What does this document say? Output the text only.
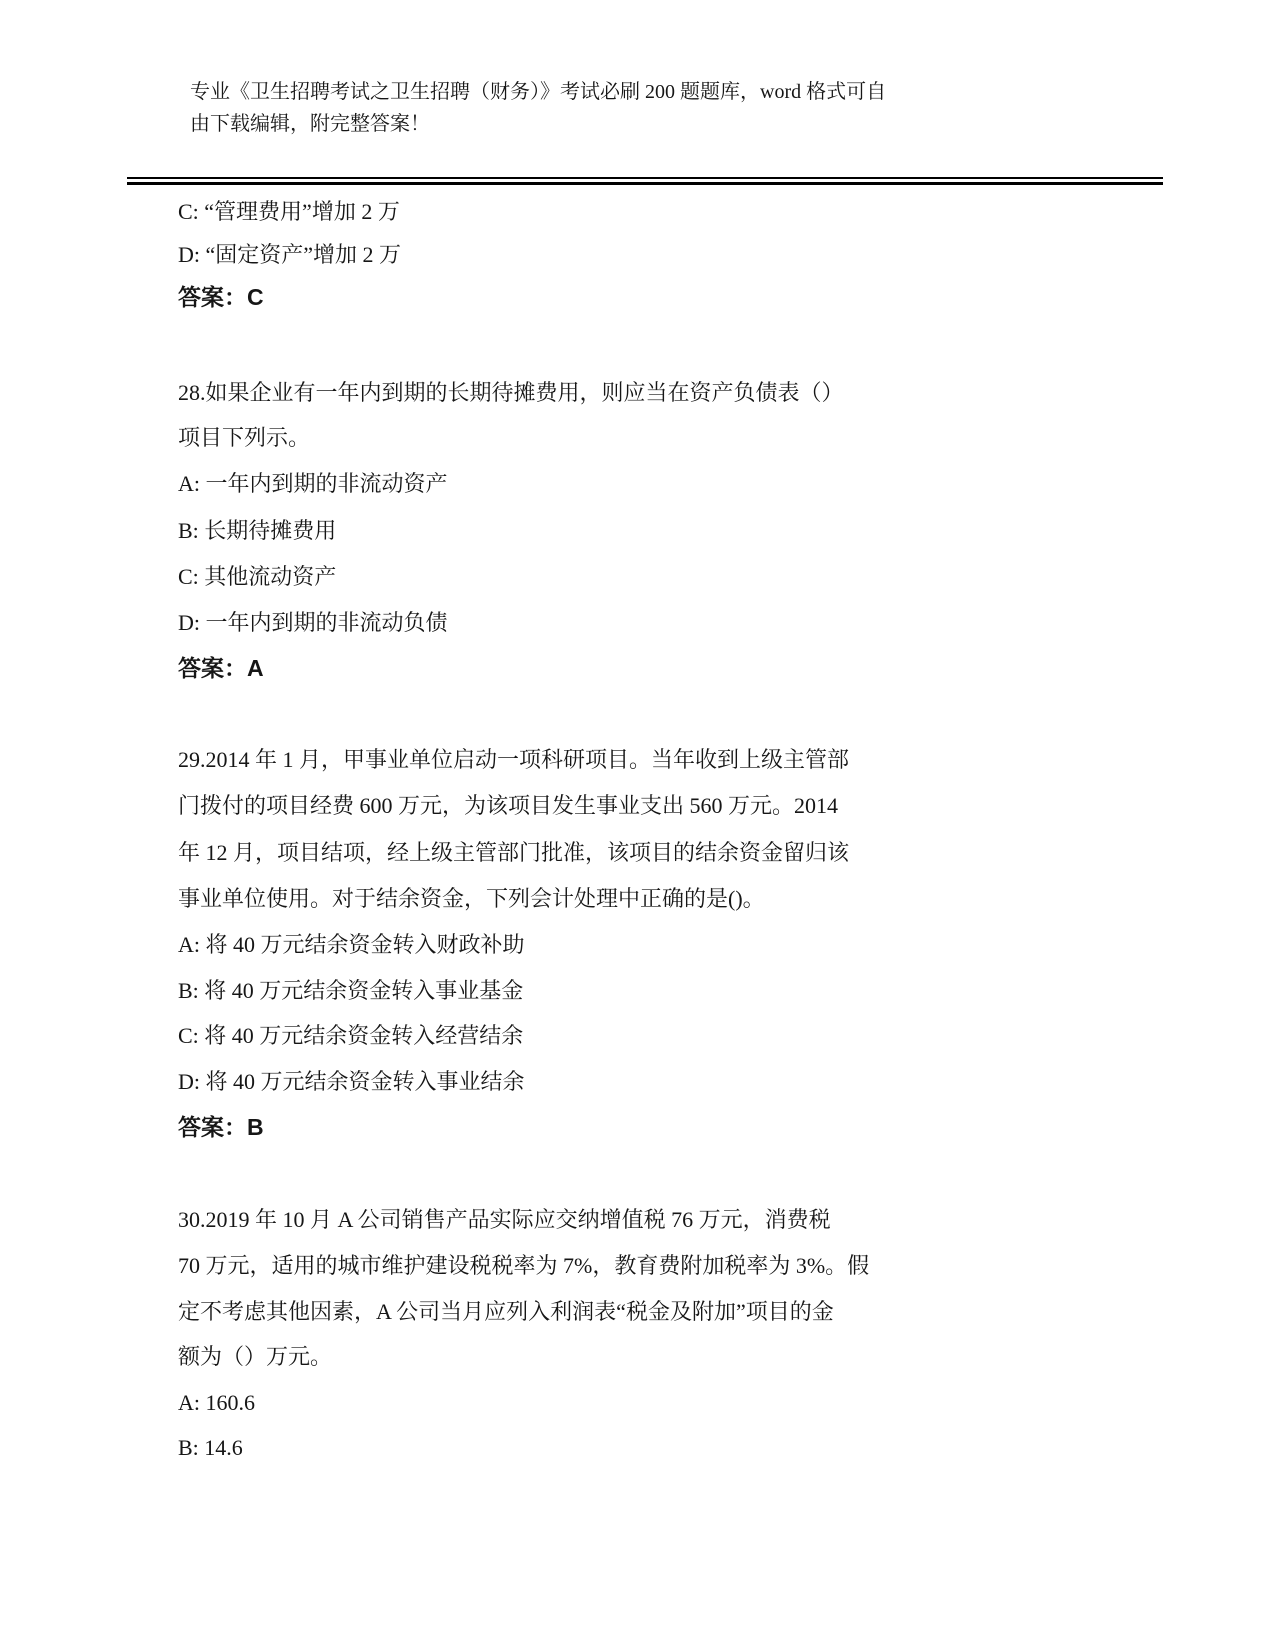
专业《卫生招聘考试之卫生招聘（财务）》考试必刷 200 题题库，word 格式可自
由下载编辑，附完整答案！
C: “管理费用”增加 2 万
D: “固定资产”增加 2 万
答案：C
28.如果企业有一年内到期的长期待摊费用，则应当在资产负债表（）
项目下列示。
A: 一年内到期的非流动资产
B: 长期待摊费用
C: 其他流动资产
D: 一年内到期的非流动负债
答案：A
29.2014 年 1 月，甲事业单位启动一项科研项目。当年收到上级主管部
门拨付的项目经费 600 万元，为该项目发生事业支出 560 万元。2014
年 12 月，项目结项，经上级主管部门批准，该项目的结余资金留归该
事业单位使用。对于结余资金，下列会计处理中正确的是()。
A: 将 40 万元结余资金转入财政补助
B: 将 40 万元结余资金转入事业基金
C: 将 40 万元结余资金转入经营结余
D: 将 40 万元结余资金转入事业结余
答案：B
30.2019 年 10 月 A 公司销售产品实际应交纳增值税 76 万元，消费税
70 万元，适用的城市维护建设税税率为 7%，教育费附加税率为 3%。假
定不考虑其他因素，A 公司当月应列入利润表“税金及附加”项目的金
额为（）万元。
A: 160.6
B: 14.6
